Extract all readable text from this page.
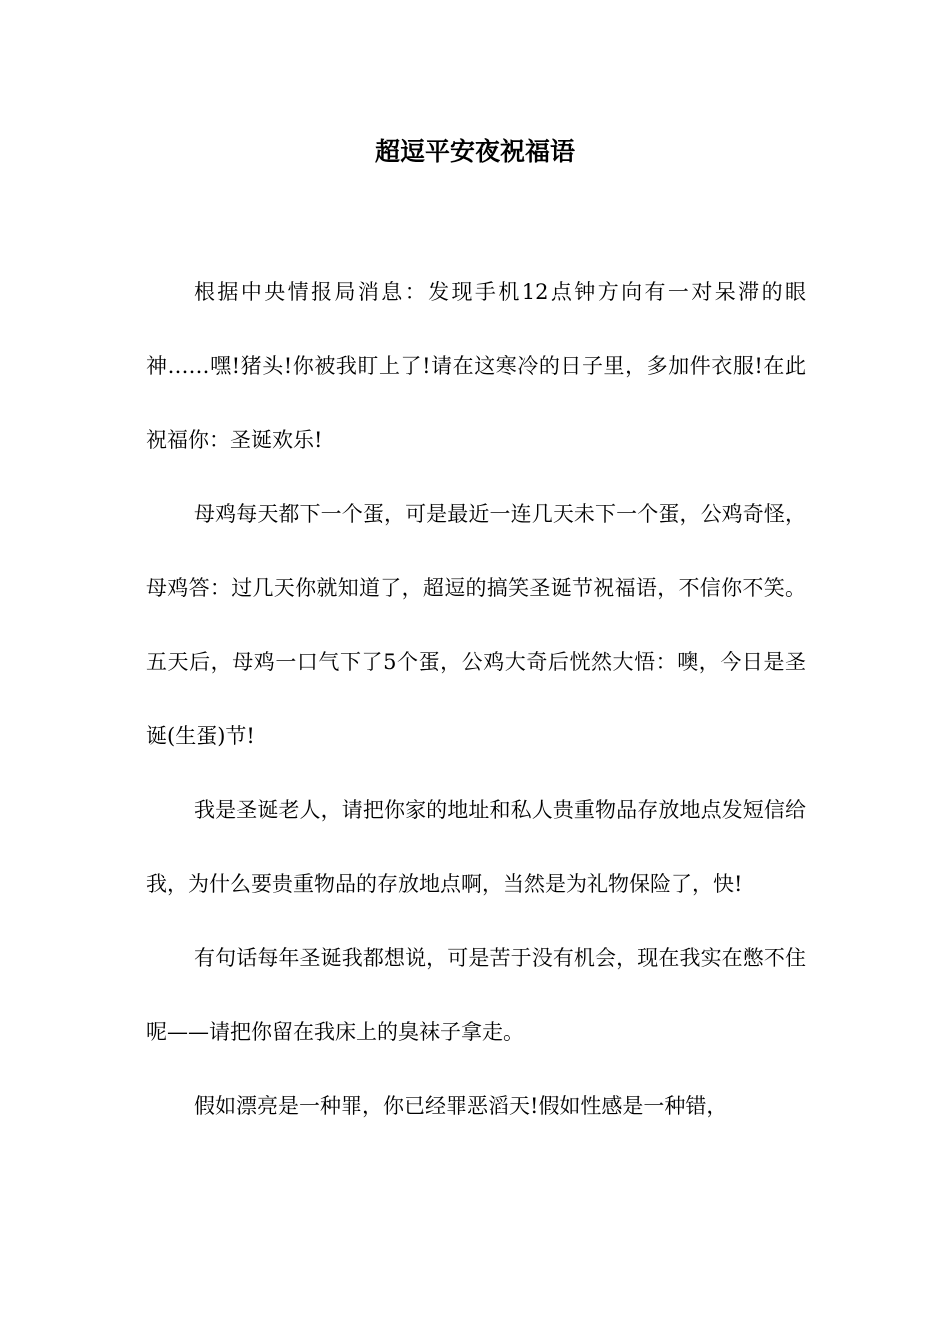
超逗平安夜祝福语

根据中央情报局消息：发现手机12点钟方向有一对呆滞的眼神……嘿!猪头!你被我盯上了!请在这寒冷的日子里，多加件衣服!在此祝福你：圣诞欢乐!

母鸡每天都下一个蛋，可是最近一连几天未下一个蛋，公鸡奇怪，母鸡答：过几天你就知道了，超逗的搞笑圣诞节祝福语，不信你不笑。五天后，母鸡一口气下了5个蛋，公鸡大奇后恍然大悟：噢，今日是圣诞(生蛋)节!

我是圣诞老人，请把你家的地址和私人贵重物品存放地点发短信给我，为什么要贵重物品的存放地点啊，当然是为礼物保险了，快!

有句话每年圣诞我都想说，可是苦于没有机会，现在我实在憋不住呢——请把你留在我床上的臭袜子拿走。

假如漂亮是一种罪，你已经罪恶滔天!假如性感是一种错，
